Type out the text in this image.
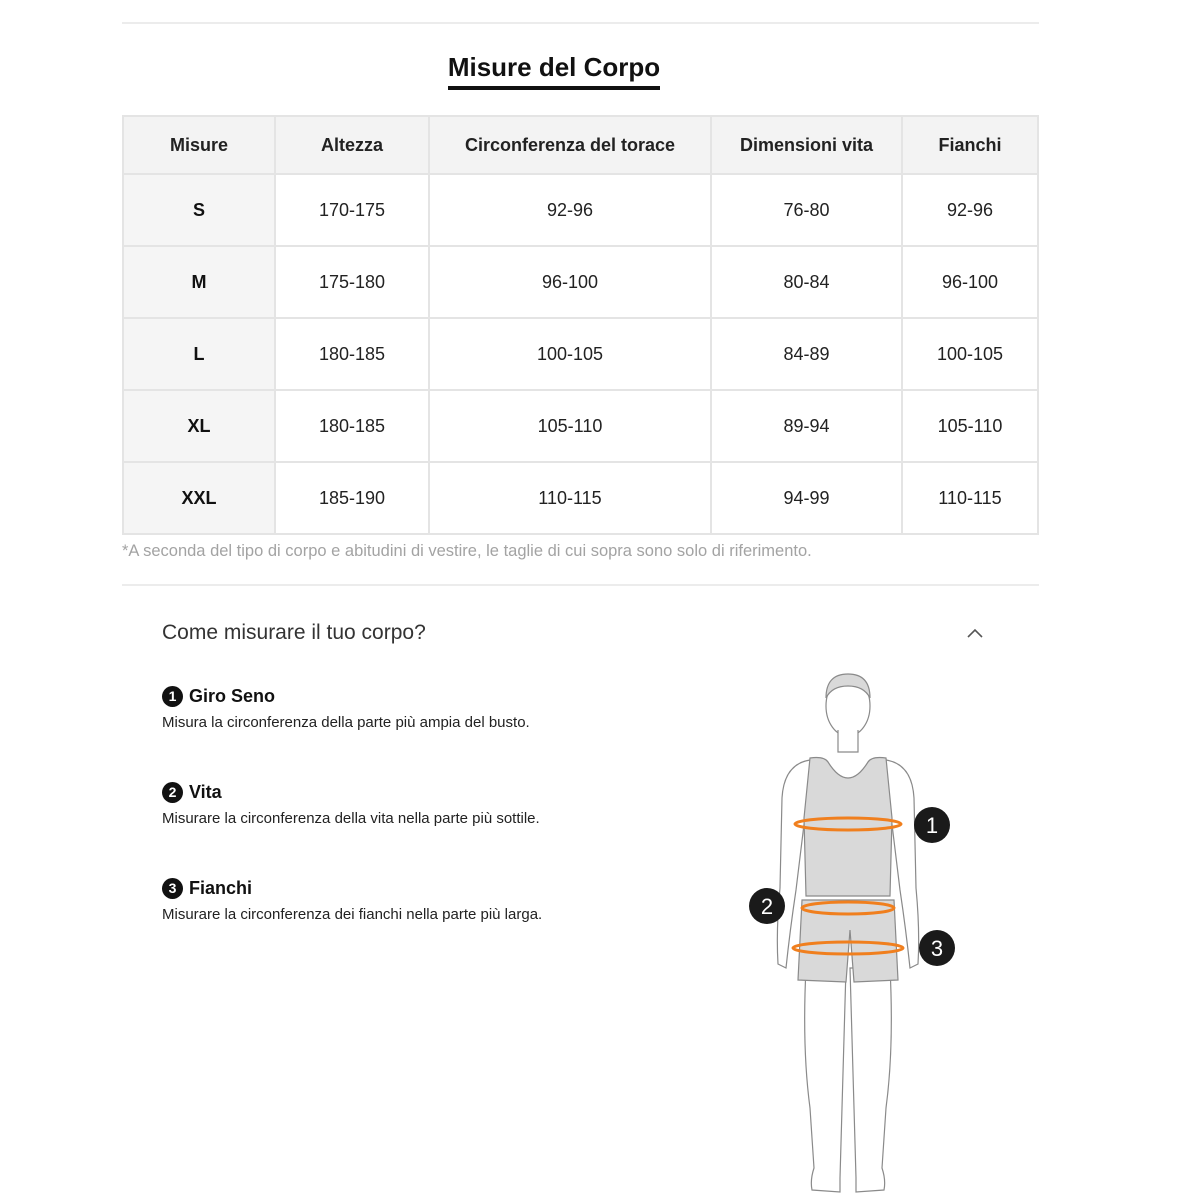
Misure del Corpo
Misure	Altezza	Circonferenza del torace	Dimensioni vita	Fianchi
S	170-175	92-96	76-80	92-96
M	175-180	96-100	80-84	96-100
L	180-185	100-105	84-89	100-105
XL	180-185	105-110	89-94	105-110
XXL	185-190	110-115	94-99	110-115
*A seconda del tipo di corpo e abitudini di vestire, le taglie di cui sopra sono solo di riferimento.
Come misurare il tuo corpo?
1 Giro Seno
Misura la circonferenza della parte più ampia del busto.
2 Vita
Misurare la circonferenza della vita nella parte più sottile.
3 Fianchi
Misurare la circonferenza dei fianchi nella parte più larga.
1
2
3
